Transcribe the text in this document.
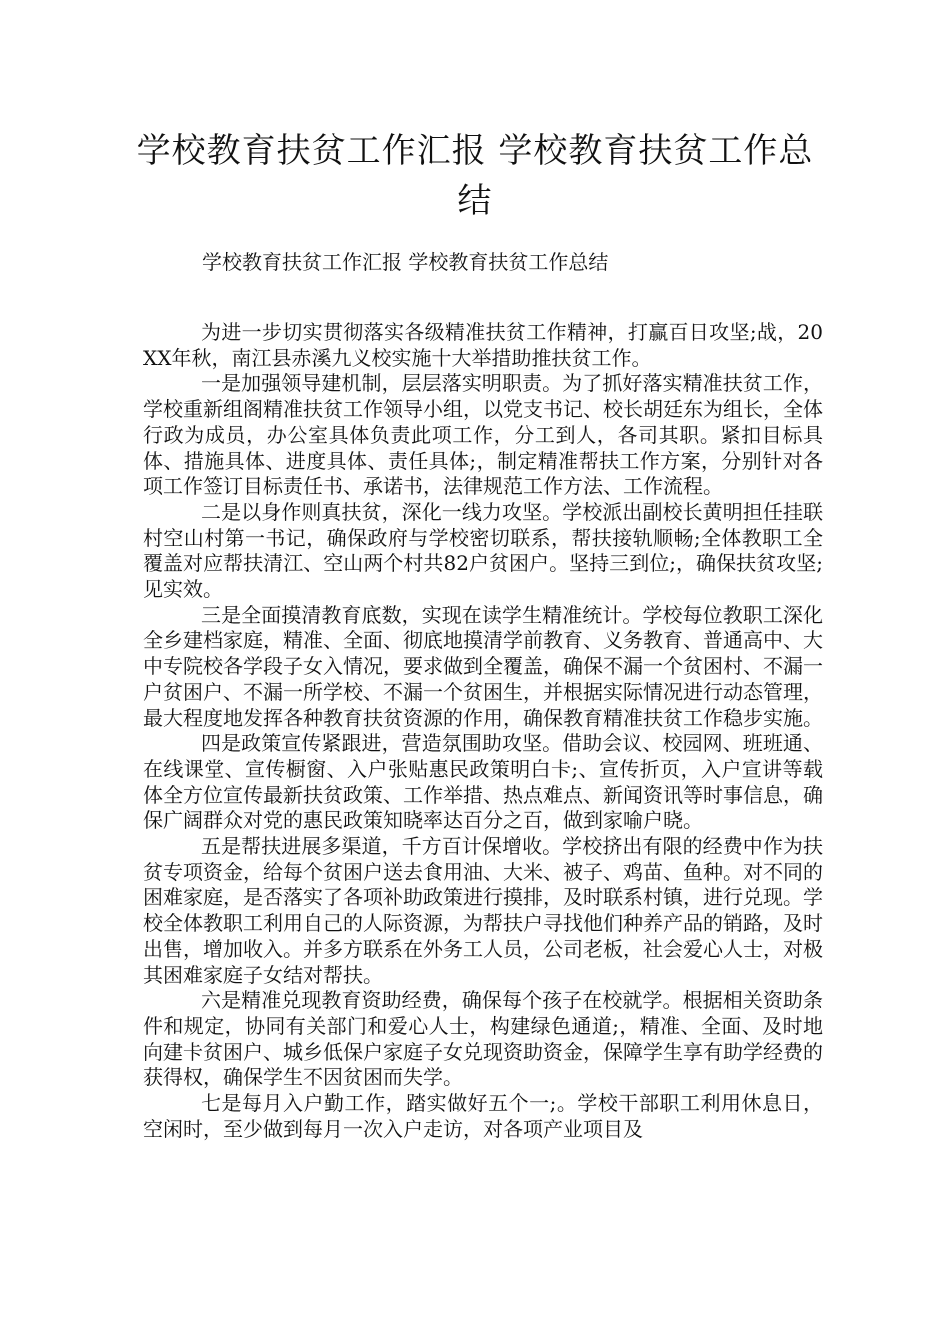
学校教育扶贫工作汇报 学校教育扶贫工作总结
学校教育扶贫工作汇报 学校教育扶贫工作总结

为进一步切实贯彻落实各级精准扶贫工作精神，打赢百日攻坚;战，20XX年秋，南江县赤溪九义校实施十大举措助推扶贫工作。

一是加强领导建机制，层层落实明职责。为了抓好落实精准扶贫工作，学校重新组阁精准扶贫工作领导小组，以党支书记、校长胡廷东为组长，全体行政为成员，办公室具体负责此项工作，分工到人，各司其职。紧扣目标具体、措施具体、进度具体、责任具体;，制定精准帮扶工作方案，分别针对各项工作签订目标责任书、承诺书，法律规范工作方法、工作流程。

二是以身作则真扶贫，深化一线力攻坚。学校派出副校长黄明担任挂联村空山村第一书记，确保政府与学校密切联系，帮扶接轨顺畅;全体教职工全覆盖对应帮扶清江、空山两个村共82户贫困户。坚持三到位;，确保扶贫攻坚;见实效。

三是全面摸清教育底数，实现在读学生精准统计。学校每位教职工深化全乡建档家庭，精准、全面、彻底地摸清学前教育、义务教育、普通高中、大中专院校各学段子女入情况，要求做到全覆盖，确保不漏一个贫困村、不漏一户贫困户、不漏一所学校、不漏一个贫困生，并根据实际情况进行动态管理，最大程度地发挥各种教育扶贫资源的作用，确保教育精准扶贫工作稳步实施。

四是政策宣传紧跟进，营造氛围助攻坚。借助会议、校园网、班班通、在线课堂、宣传橱窗、入户张贴惠民政策明白卡;、宣传折页，入户宣讲等载体全方位宣传最新扶贫政策、工作举措、热点难点、新闻资讯等时事信息，确保广阔群众对党的惠民政策知晓率达百分之百，做到家喻户晓。

五是帮扶进展多渠道，千方百计保增收。学校挤出有限的经费中作为扶贫专项资金，给每个贫困户送去食用油、大米、被子、鸡苗、鱼种。对不同的困难家庭，是否落实了各项补助政策进行摸排，及时联系村镇，进行兑现。学校全体教职工利用自己的人际资源，为帮扶户寻找他们种养产品的销路，及时出售，增加收入。并多方联系在外务工人员，公司老板，社会爱心人士，对极其困难家庭子女结对帮扶。

六是精准兑现教育资助经费，确保每个孩子在校就学。根据相关资助条件和规定，协同有关部门和爱心人士，构建绿色通道;，精准、全面、及时地向建卡贫困户、城乡低保户家庭子女兑现资助资金，保障学生享有助学经费的获得权，确保学生不因贫困而失学。

七是每月入户勤工作，踏实做好五个一;。学校干部职工利用休息日，空闲时，至少做到每月一次入户走访，对各项产业项目及
